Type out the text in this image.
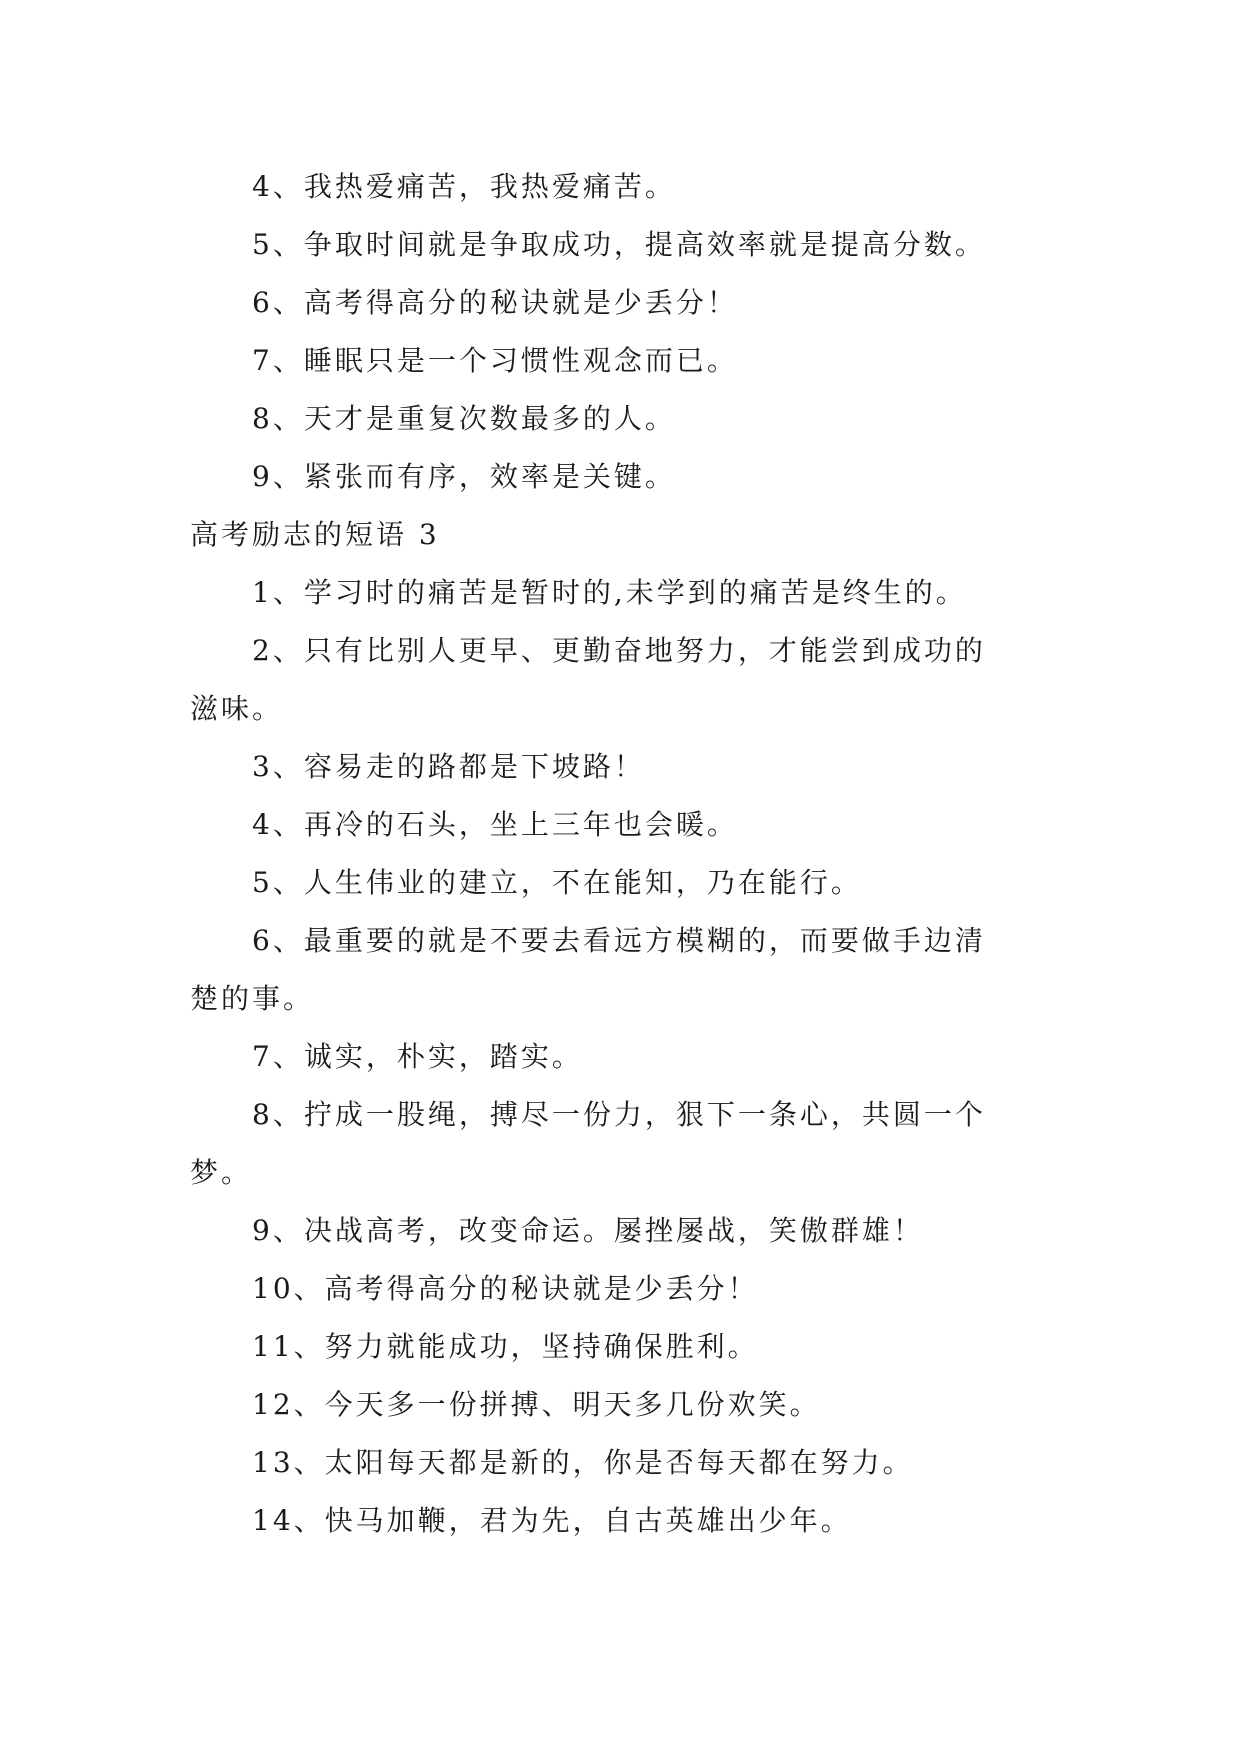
4、我热爱痛苦，我热爱痛苦。
5、争取时间就是争取成功，提高效率就是提高分数。
6、高考得高分的秘诀就是少丢分！
7、睡眠只是一个习惯性观念而已。
8、天才是重复次数最多的人。
9、紧张而有序，效率是关键。
高考励志的短语 3
1、学习时的痛苦是暂时的,未学到的痛苦是终生的。
2、只有比别人更早、更勤奋地努力，才能尝到成功的
滋味。
3、容易走的路都是下坡路！
4、再冷的石头，坐上三年也会暖。
5、人生伟业的建立，不在能知，乃在能行。
6、最重要的就是不要去看远方模糊的，而要做手边清
楚的事。
7、诚实，朴实，踏实。
8、拧成一股绳，搏尽一份力，狠下一条心，共圆一个
梦。
9、决战高考，改变命运。屡挫屡战，笑傲群雄！
10、高考得高分的秘诀就是少丢分！
11、努力就能成功，坚持确保胜利。
12、今天多一份拼搏、明天多几份欢笑。
13、太阳每天都是新的，你是否每天都在努力。
14、快马加鞭，君为先，自古英雄出少年。
